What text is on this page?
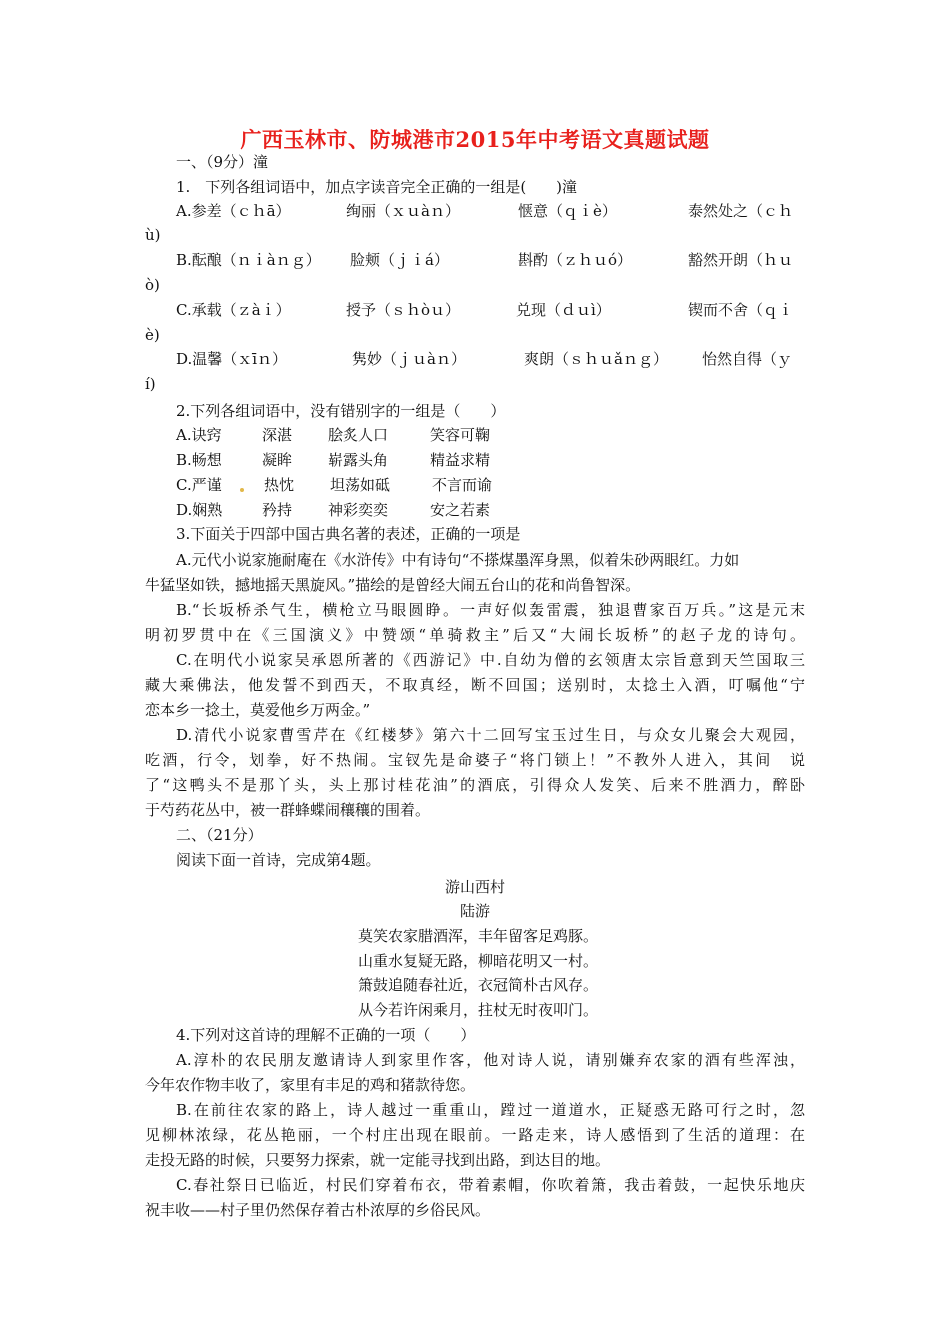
广西玉林市、防城港市2015年中考语文真题试题
一、（9分）潼
1.　下列各组词语中，加点字读音完全正确的一组是(　　)潼
A.参差（ｃｈā）	绚丽（ｘｕàｎ）	惬意（ｑｉè）	泰然处之（ｃｈ
ù)
B.酝酿（ｎｉàｎｇ） 脸颊（ｊｉá）	斟酌（ｚｈｕó）	豁然开朗（ｈｕ
ò)
C.承载（ｚàｉ）	授予（ｓｈòｕ）	兑现（ｄｕì）	锲而不舍（ｑｉ
è)
D.温馨（ｘīｎ）	隽妙（ｊｕàｎ）	爽朗（ｓｈｕǎｎｇ） 怡然自得（ｙ
í)
2.下列各组词语中，没有错别字的一组是（　　）
A.诀窍	深湛 脍炙人口	笑容可鞠
B.畅想	凝眸 崭露头角	精益求精
C.严谨	热忱 坦荡如砥	不言而谕
D.娴熟	矜持 神彩奕奕	安之若素
3.下面关于四部中国古典名著的表述，正确的一项是
A.元代小说家施耐庵在《水浒传》中有诗句“不搽煤墨浑身黑，似着朱砂两眼红。力如
牛猛坚如铁，撼地摇天黑旋风。”描绘的是曾经大闹五台山的花和尚鲁智深。
B.“长坂桥杀气生，横枪立马眼圆睁。一声好似轰雷震，独退曹家百万兵。”这是元末
明初罗贯中在《三国演义》中赞颂“单骑救主”后又“大闹长坂桥”的赵子龙的诗句。
C.在明代小说家吴承恩所著的《西游记》中.自幼为僧的玄领唐太宗旨意到天竺国取三
藏大乘佛法，他发誓不到西天，不取真经，断不回国；送别时，太捻土入酒，叮嘱他“宁
恋本乡一捻土，莫爱他乡万两金。”
D.清代小说家曹雪芹在《红楼梦》第六十二回写宝玉过生日，与众女儿聚会大观园，
吃酒，行令，划拳，好不热闹。宝钗先是命婆子“将门锁上！”不教外人进入，其间　说
了“这鸭头不是那丫头，头上那讨桂花油”的酒底，引得众人发笑、后来不胜酒力，醉卧
于芍药花丛中，被一群蜂蝶闹穰穰的围着。
二、（21分）
阅读下面一首诗，完成第4题。
游山西村
陆游
莫笑农家腊酒浑，丰年留客足鸡豚。
山重水复疑无路，柳暗花明又一村。
箫鼓追随春社近，衣冠简朴古风存。
从今若许闲乘月，拄杖无时夜叩门。
4.下列对这首诗的理解不正确的一项（　　）
A.淳朴的农民朋友邀请诗人到家里作客，他对诗人说，请别嫌弃农家的酒有些浑浊，
今年农作物丰收了，家里有丰足的鸡和猪款待您。
B.在前往农家的路上，诗人越过一重重山，蹚过一道道水，正疑惑无路可行之时，忽
见柳林浓绿，花丛艳丽，一个村庄出现在眼前。一路走来，诗人感悟到了生活的道理：在
走投无路的时候，只要努力探索，就一定能寻找到出路，到达目的地。
C.春社祭日已临近，村民们穿着布衣，带着素帽，你吹着箫，我击着鼓，一起快乐地庆
祝丰收——村子里仍然保存着古朴浓厚的乡俗民风。
